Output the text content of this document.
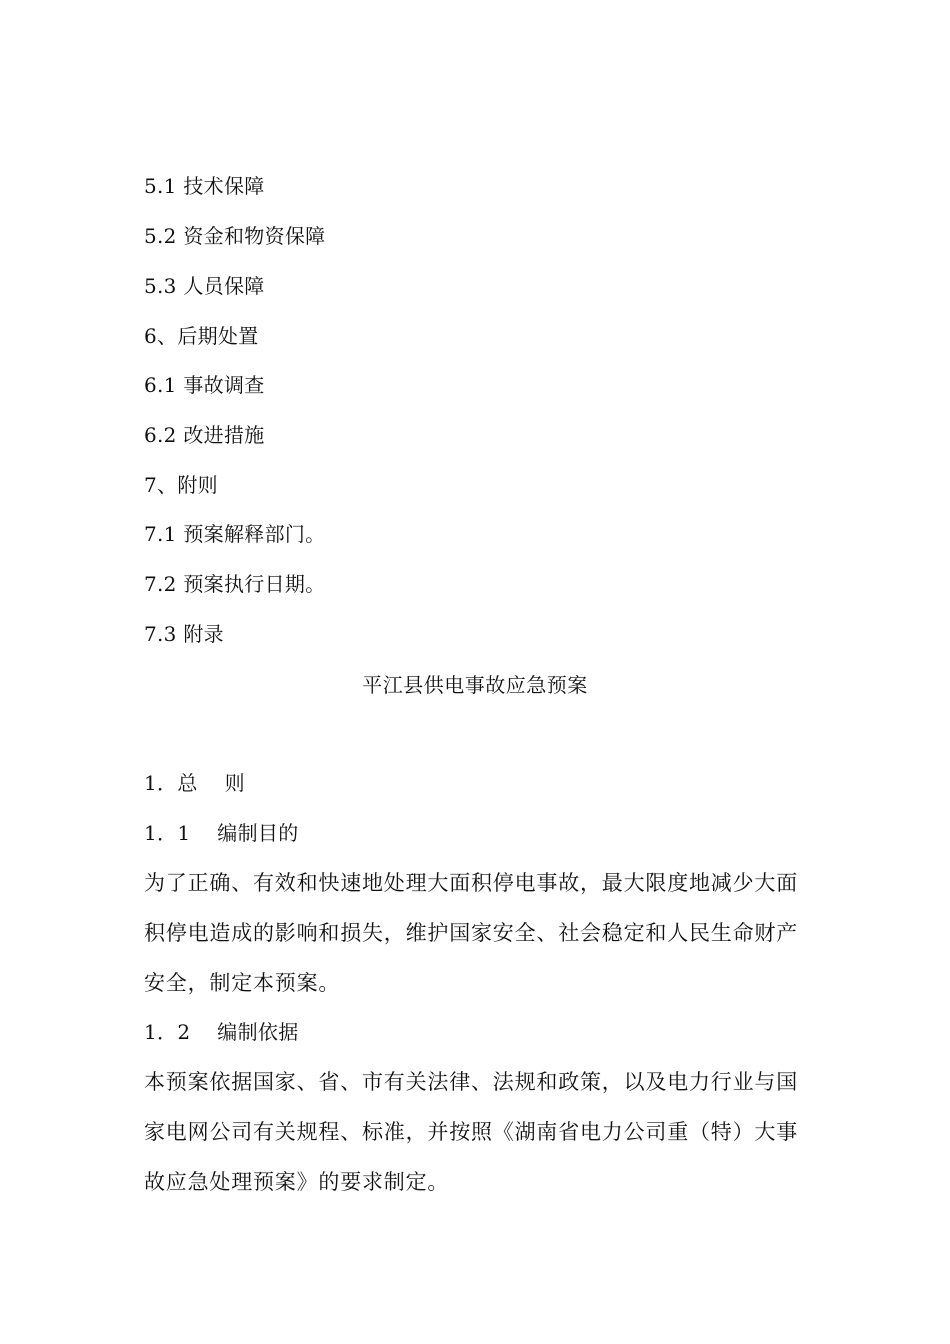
5.1 技术保障
5.2 资金和物资保障
5.3 人员保障
6、后期处置
6.1 事故调查
6.2 改进措施
7、附则
7.1 预案解释部门。
7.2 预案执行日期。
7.3 附录
平江县供电事故应急预案
1．总　 则
1．1　 编制目的
为了正确、有效和快速地处理大面积停电事故，最大限度地减少大面积停电造成的影响和损失，维护国家安全、社会稳定和人民生命财产安全，制定本预案。
1．2　 编制依据
本预案依据国家、省、市有关法律、法规和政策，以及电力行业与国家电网公司有关规程、标准，并按照《湖南省电力公司重（特）大事故应急处理预案》的要求制定。
